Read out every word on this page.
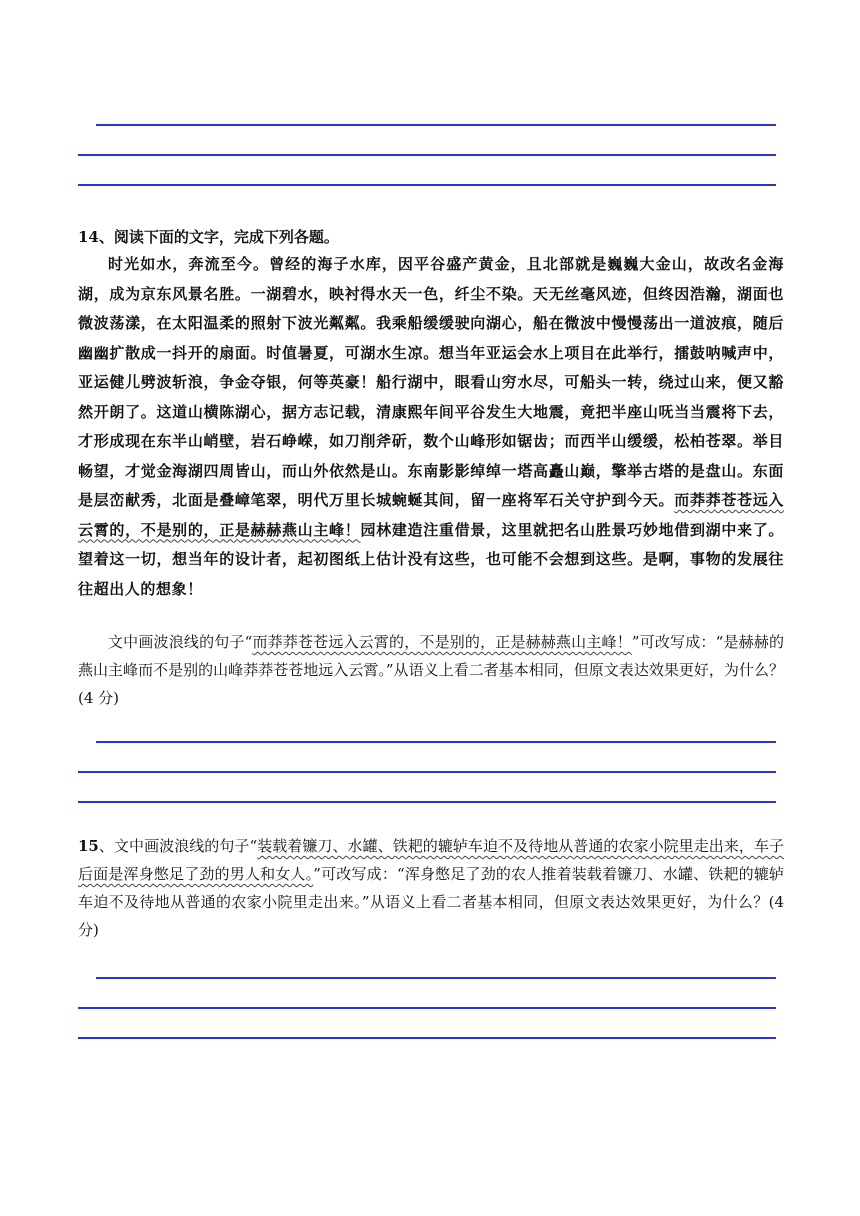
14、阅读下面的文字，完成下列各题。

时光如水，奔流至今。曾经的海子水库，因平谷盛产黄金，且北部就是巍巍大金山，故改名金海湖，成为京东风景名胜。一湖碧水，映衬得水天一色，纤尘不染。天无丝毫风迹，但终因浩瀚，湖面也微波荡漾，在太阳温柔的照射下波光粼粼。我乘船缓缓驶向湖心，船在微波中慢慢荡出一道波痕，随后幽幽扩散成一抖开的扇面。时值暑夏，可湖水生凉。想当年亚运会水上项目在此举行，擂鼓呐喊声中，亚运健儿劈波斩浪，争金夺银，何等英豪！船行湖中，眼看山穷水尽，可船头一转，绕过山来，便又豁然开朗了。这道山横陈湖心，据方志记载，清康熙年间平谷发生大地震，竟把半座山呒当当震将下去，才形成现在东半山峭壁，岩石峥嵘，如刀削斧斫，数个山峰形如锯齿；而西半山缓缓，松柏苍翠。举目畅望，才觉金海湖四周皆山，而山外依然是山。东南影影绰绰一塔高矗山巅，擎举古塔的是盘山。东面是层峦献秀，北面是叠嶂笔翠，明代万里长城蜿蜒其间，留一座将军石关守护到今天。而莽莽苍苍远入云霄的，不是别的，正是赫赫燕山主峰！园林建造注重借景，这里就把名山胜景巧妙地借到湖中来了。望着这一切，想当年的设计者，起初图纸上估计没有这些，也可能不会想到这些。是啊，事物的发展往往超出人的想象！

文中画波浪线的句子“而莽莽苍苍远入云霄的，不是别的，正是赫赫燕山主峰！”可改写成：“是赫赫的燕山主峰而不是别的山峰莽莽苍苍地远入云霄。”从语义上看二者基本相同，但原文表达效果更好，为什么？(4 分)

15、文中画波浪线的句子“装载着镰刀、水罐、铁耙的辘轳车迫不及待地从普通的农家小院里走出来，车子后面是浑身憋足了劲的男人和女人。”可改写成：“浑身憋足了劲的农人推着装载着镰刀、水罐、铁耙的辘轳车迫不及待地从普通的农家小院里走出来。”从语义上看二者基本相同，但原文表达效果更好，为什么？(4 分)
